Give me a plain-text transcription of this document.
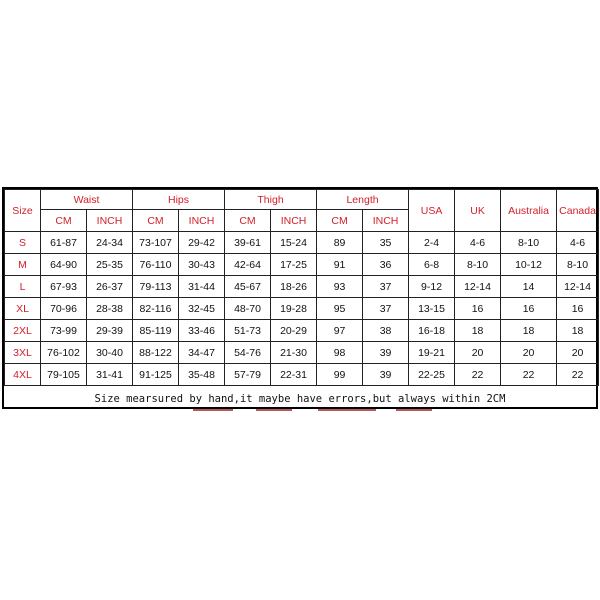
Size	Waist		Hips		Thigh		Length		USA	UK	Australia	Canada
	CM	INCH	CM	INCH	CM	INCH	CM	INCH				
S	61-87	24-34	73-107	29-42	39-61	15-24	89	35	2-4	4-6	8-10	4-6
M	64-90	25-35	76-110	30-43	42-64	17-25	91	36	6-8	8-10	10-12	8-10
L	67-93	26-37	79-113	31-44	45-67	18-26	93	37	9-12	12-14	14	12-14
XL	70-96	28-38	82-116	32-45	48-70	19-28	95	37	13-15	16	16	16
2XL	73-99	29-39	85-119	33-46	51-73	20-29	97	38	16-18	18	18	18
3XL	76-102	30-40	88-122	34-47	54-76	21-30	98	39	19-21	20	20	20
4XL	79-105	31-41	91-125	35-48	57-79	22-31	99	39	22-25	22	22	22
Size mearsured by hand,it maybe have errors,but always within 2CM
